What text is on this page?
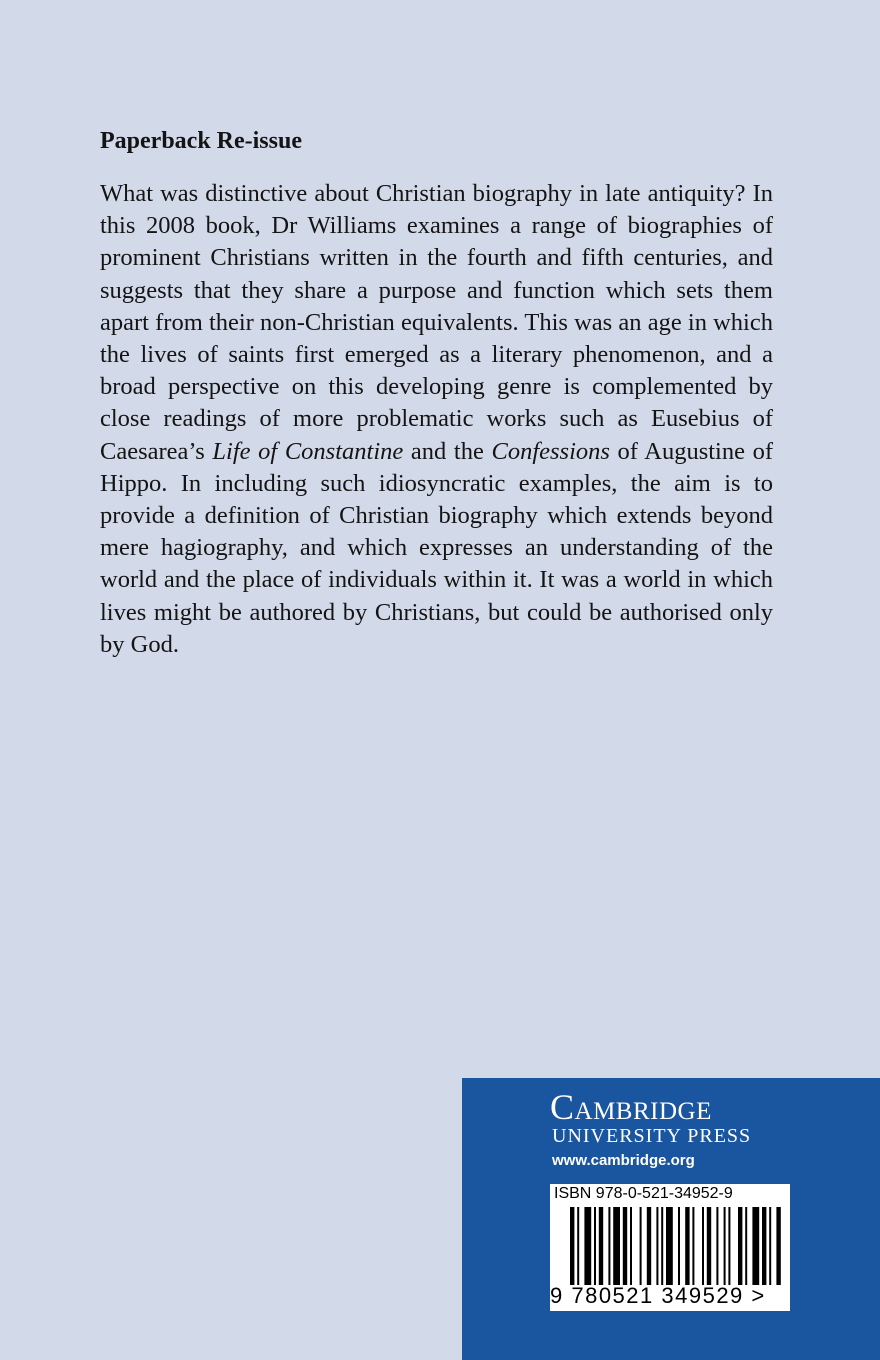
Paperback Re-issue

What was distinctive about Christian biography in late antiquity? In this 2008 book, Dr Williams examines a range of biographies of prominent Christians written in the fourth and fifth centuries, and suggests that they share a purpose and function which sets them apart from their non-Christian equivalents. This was an age in which the lives of saints first emerged as a literary phenomenon, and a broad perspective on this developing genre is complemented by close readings of more problematic works such as Eusebius of Caesarea’s Life of Constantine and the Confessions of Augustine of Hippo. In including such idiosyncratic examples, the aim is to provide a definition of Christian biography which extends beyond mere hagiography, and which expresses an understanding of the world and the place of individuals within it. It was a world in which lives might be authored by Christians, but could be authorised only by God.

Cambridge
UNIVERSITY PRESS
www.cambridge.org
ISBN 978-0-521-34952-9
9 780521 349529 >
